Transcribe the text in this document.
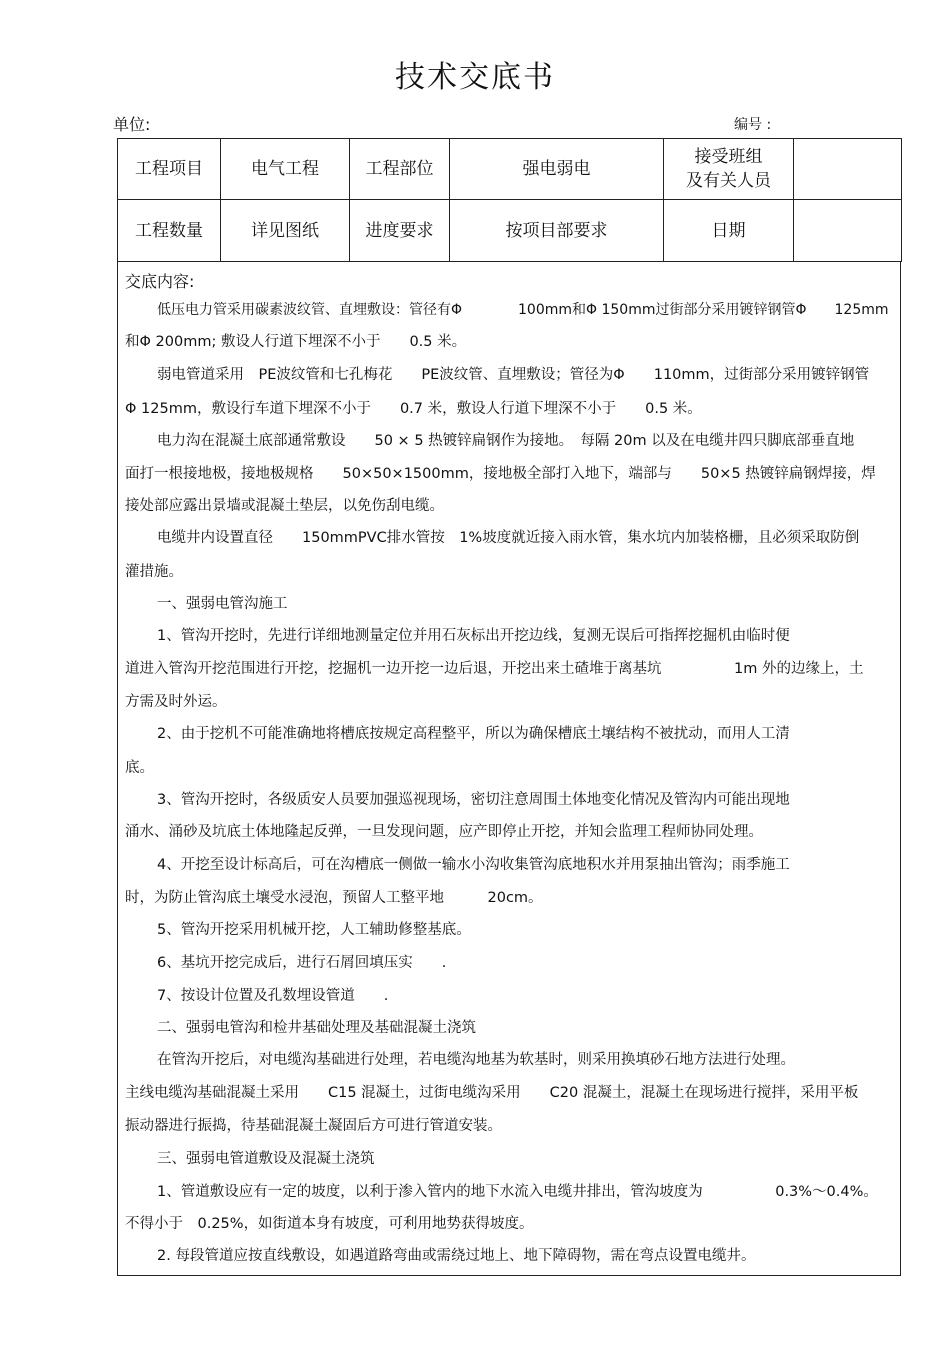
技术交底书
单位:	编号 :
工程项目	电气工程	工程部位	强电弱电	接受班组
及有关人员	

工程数量	详见图纸	进度要求	按项目部要求	日期	
交底内容:
低压电力管采用碳素波纹管、直埋敷设：管径有Φ　　　　100mm和Φ 150mm过街部分采用镀锌钢管Φ　　125mm
和Φ 200mm; 敷设人行道下埋深不小于　　0.5 米。
弱电管道采用　PE波纹管和七孔梅花　　PE波纹管、直埋敷设；管径为Φ　　110mm，过街部分采用镀锌钢管
Φ 125mm，敷设行车道下埋深不小于　　0.7 米，敷设人行道下埋深不小于　　0.5 米。
电力沟在混凝土底部通常敷设　　50 × 5 热镀锌扁钢作为接地。　每隔 20m 以及在电缆井四只脚底部垂直地
面打一根接地极，接地极规格　　50×50×1500mm，接地极全部打入地下，端部与　　50×5 热镀锌扁钢焊接，焊
接处部应露出景墙或混凝土垫层，以免伤刮电缆。
电缆井内设置直径　　150mmPVC排水管按　1%坡度就近接入雨水管，集水坑内加装格栅，且必须采取防倒
灌措施。
一、强弱电管沟施工
1、管沟开挖时，先进行详细地测量定位并用石灰标出开挖边线，复测无误后可指挥挖掘机由临时便
道进入管沟开挖范围进行开挖，挖掘机一边开挖一边后退，开挖出来土碴堆于离基坑　　　　　1m 外的边缘上，土
方需及时外运。
2、由于挖机不可能准确地将槽底按规定高程整平，所以为确保槽底土壤结构不被扰动，而用人工清
底。
3、管沟开挖时，各级质安人员要加强巡视现场，密切注意周围土体地变化情况及管沟内可能出现地
涌水、涌砂及坑底土体地隆起反弹，一旦发现问题，应产即停止开挖，并知会监理工程师协同处理。
4、开挖至设计标高后，可在沟槽底一侧做一输水小沟收集管沟底地积水并用泵抽出管沟；雨季施工
时，为防止管沟底土壤受水浸泡，预留人工整平地　　　20cm。
5、管沟开挖采用机械开挖，人工辅助修整基底。
6、基坑开挖完成后，进行石屑回填压实　　.
7、按设计位置及孔数埋设管道　　.
二、强弱电管沟和检井基础处理及基础混凝土浇筑
在管沟开挖后，对电缆沟基础进行处理，若电缆沟地基为软基时，则采用换填砂石地方法进行处理。
主线电缆沟基础混凝土采用　　C15 混凝土，过街电缆沟采用　　C20 混凝土，混凝土在现场进行搅拌，采用平板
振动器进行振捣，待基础混凝土凝固后方可进行管道安装。
三、强弱电管道敷设及混凝土浇筑
1、管道敷设应有一定的坡度，以利于渗入管内的地下水流入电缆井排出，管沟坡度为　　　　　0.3%～0.4%。
不得小于　0.25%，如街道本身有坡度，可利用地势获得坡度。
2. 每段管道应按直线敷设，如遇道路弯曲或需绕过地上、地下障碍物，需在弯点设置电缆井。
